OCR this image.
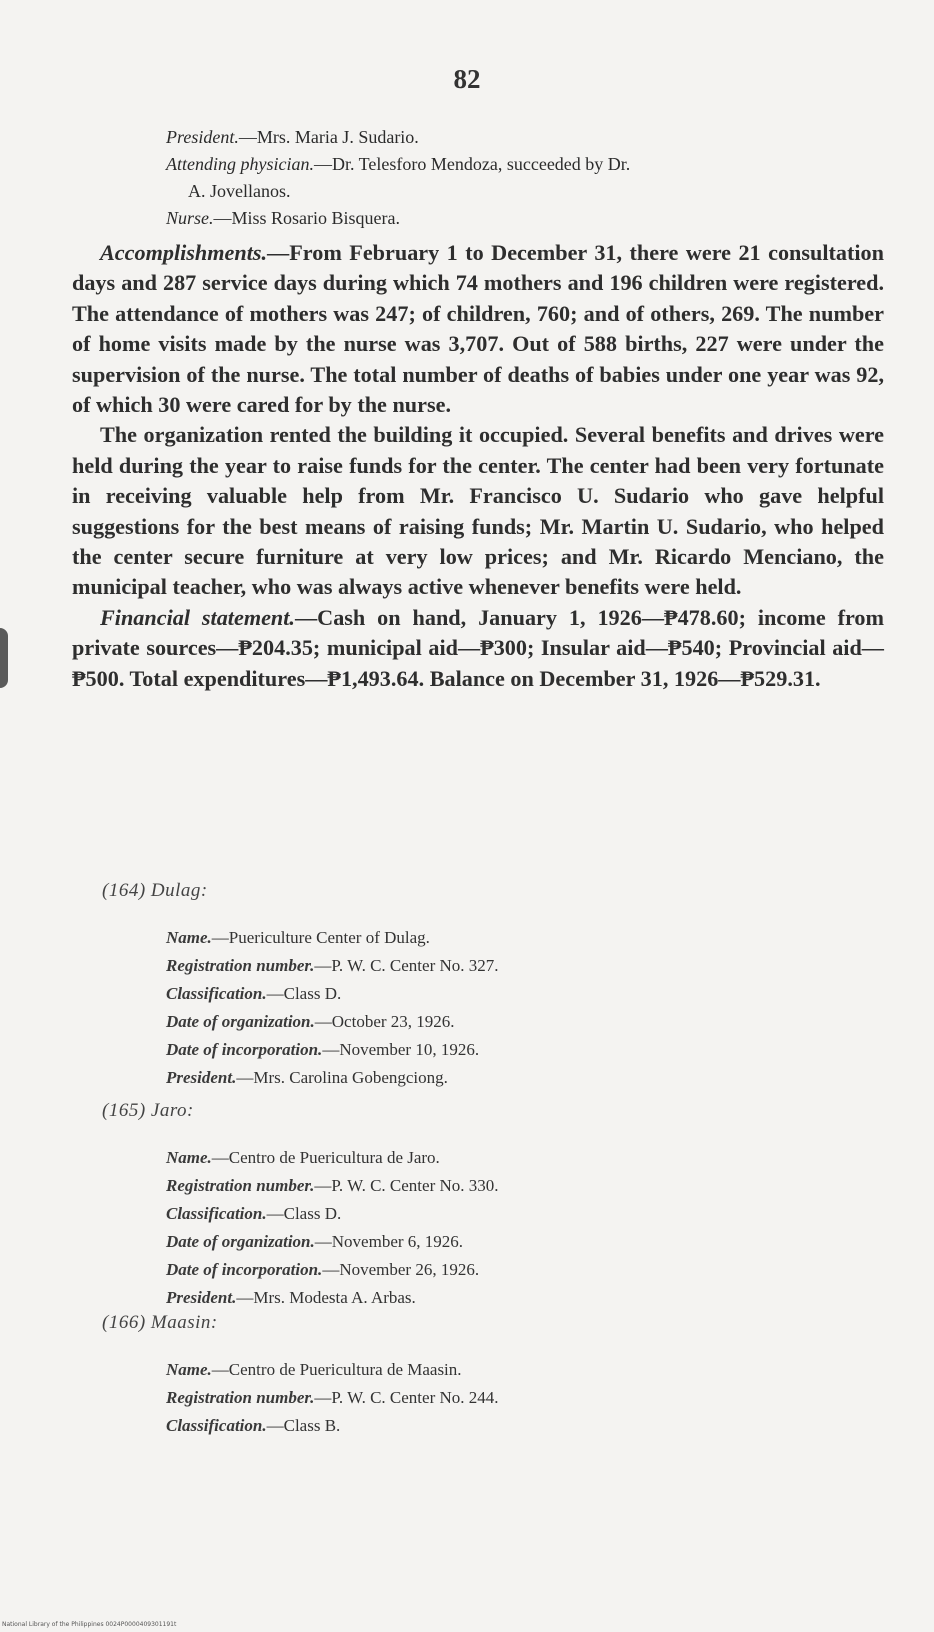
82
President.—Mrs. Maria J. Sudario.
Attending physician.—Dr. Telesforo Mendoza, succeeded by Dr.
A. Jovellanos.
Nurse.—Miss Rosario Bisquera.

Accomplishments.—From February 1 to December 31, there were 21 consultation days and 287 service days during which 74 mothers and 196 children were registered. The attendance of mothers was 247; of children, 760; and of others, 269. The number of home visits made by the nurse was 3,707. Out of 588 births, 227 were under the supervision of the nurse. The total number of deaths of babies under one year was 92, of which 30 were cared for by the nurse.

The organization rented the building it occupied. Several benefits and drives were held during the year to raise funds for the center. The center had been very fortunate in receiving valuable help from Mr. Francisco U. Sudario who gave helpful suggestions for the best means of raising funds; Mr. Martin U. Sudario, who helped the center secure furniture at very low prices; and Mr. Ricardo Menciano, the municipal teacher, who was always active whenever benefits were held.

Financial statement.—Cash on hand, January 1, 1926—₱478.60; income from private sources—₱204.35; municipal aid—₱300; Insular aid—₱540; Provincial aid—₱500. Total expenditures—₱1,493.64. Balance on December 31, 1926—₱529.31.

(164) Dulag:
Name.—Puericulture Center of Dulag.
Registration number.—P. W. C. Center No. 327.
Classification.—Class D.
Date of organization.—October 23, 1926.
Date of incorporation.—November 10, 1926.
President.—Mrs. Carolina Gobengciong.
(165) Jaro:
Name.—Centro de Puericultura de Jaro.
Registration number.—P. W. C. Center No. 330.
Classification.—Class D.
Date of organization.—November 6, 1926.
Date of incorporation.—November 26, 1926.
President.—Mrs. Modesta A. Arbas.
(166) Maasin:
Name.—Centro de Puericultura de Maasin.
Registration number.—P. W. C. Center No. 244.
Classification.—Class B.
National Library of the Philippines 0024P0000409301191t
